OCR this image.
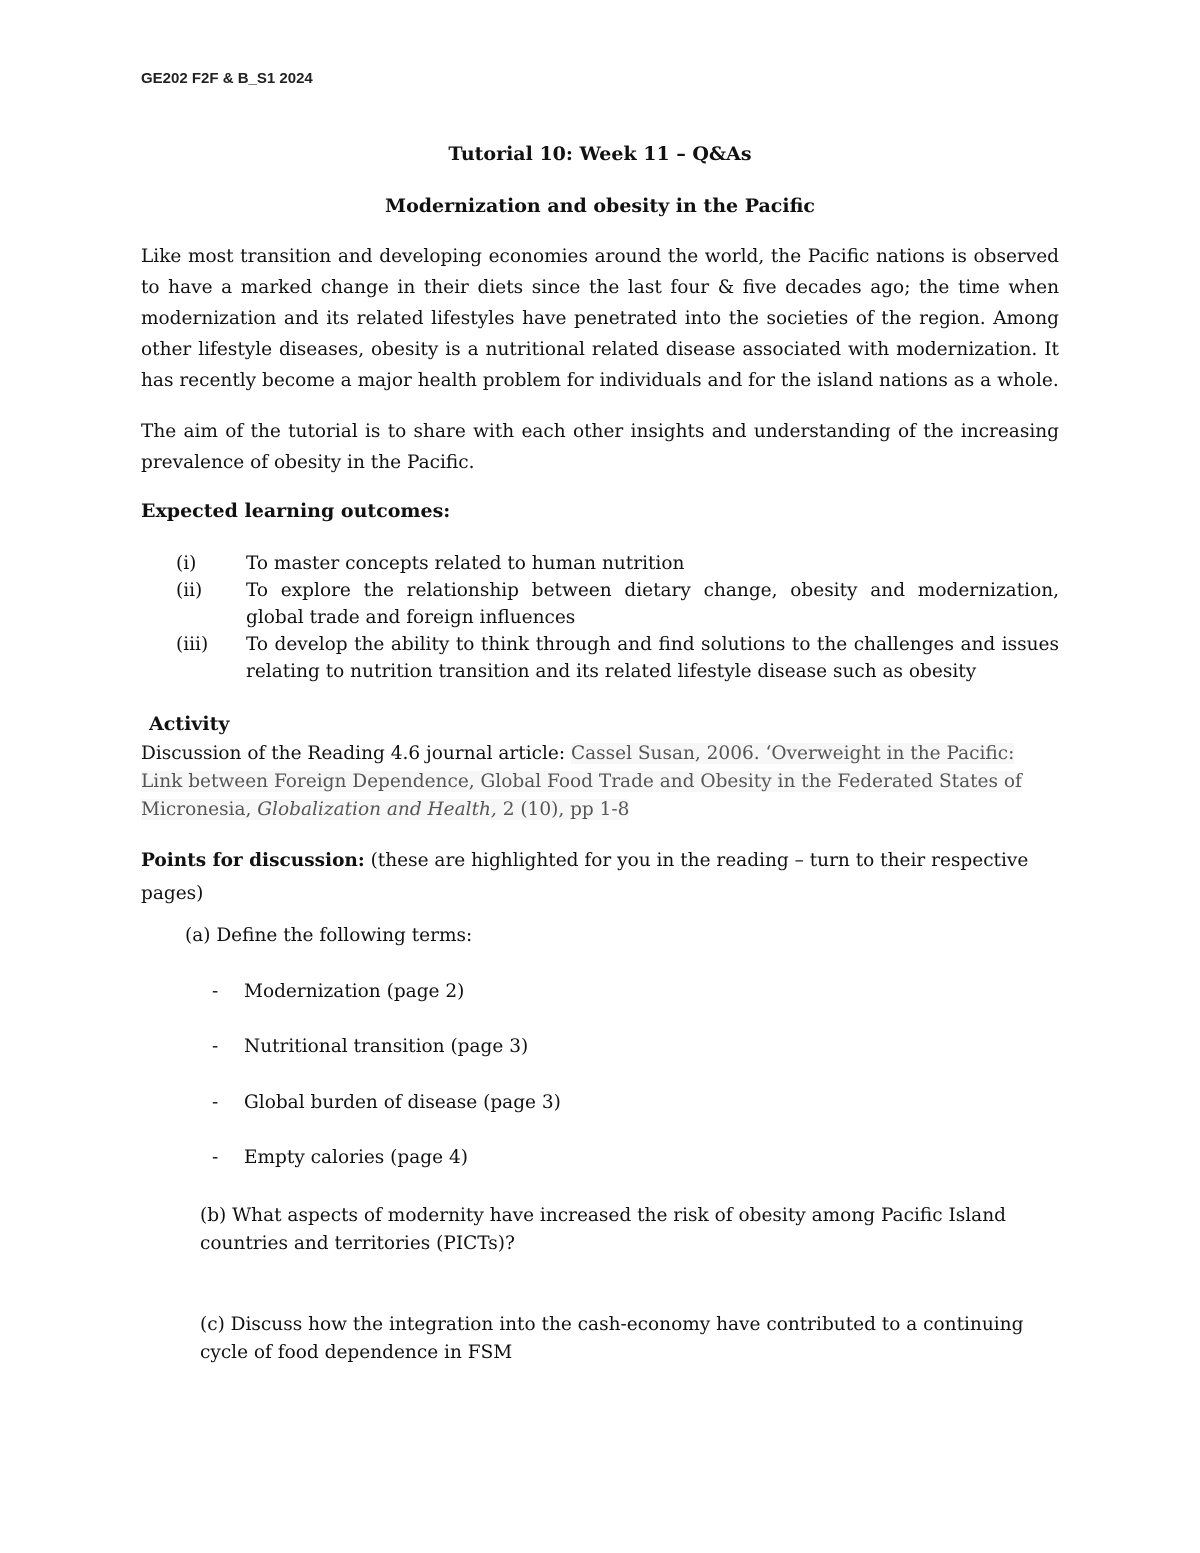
GE202 F2F & B_S1 2024
Tutorial 10: Week 11 – Q&As
Modernization and obesity in the Pacific
Like most transition and developing economies around the world, the Pacific nations is observed to have a marked change in their diets since the last four & five decades ago; the time when modernization and its related lifestyles have penetrated into the societies of the region. Among other lifestyle diseases, obesity is a nutritional related disease associated with modernization. It has recently become a major health problem for individuals and for the island nations as a whole.
The aim of the tutorial is to share with each other insights and understanding of the increasing prevalence of obesity in the Pacific.
Expected learning outcomes:
(i)	To master concepts related to human nutrition
(ii) To explore the relationship between dietary change, obesity and modernization, global trade and foreign influences
(iii) To develop the ability to think through and find solutions to the challenges and issues relating to nutrition transition and its related lifestyle disease such as obesity
Activity
Discussion of the Reading 4.6 journal article: Cassel Susan, 2006. ‘Overweight in the Pacific: Link between Foreign Dependence, Global Food Trade and Obesity in the Federated States of Micronesia, Globalization and Health, 2 (10), pp 1-8
Points for discussion: (these are highlighted for you in the reading – turn to their respective pages)
(a) Define the following terms:
- Modernization (page 2)
- Nutritional transition (page 3)
- Global burden of disease (page 3)
- Empty calories (page 4)
(b) What aspects of modernity have increased the risk of obesity among Pacific Island countries and territories (PICTs)?
(c) Discuss how the integration into the cash-economy have contributed to a continuing cycle of food dependence in FSM
